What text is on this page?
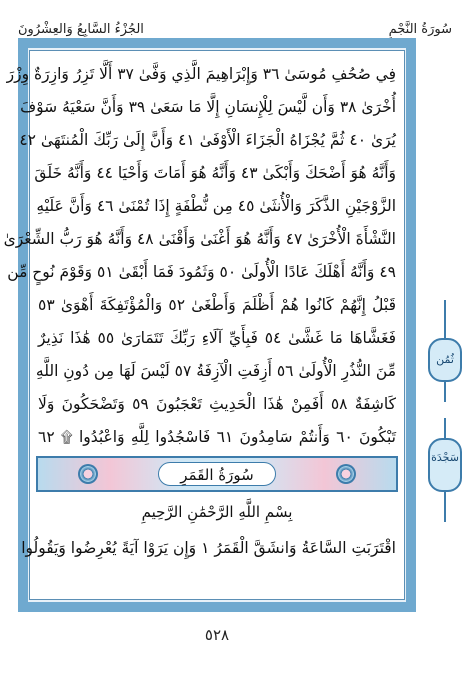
سُورَةُ النَّجْمِ
الجُزْءُ السَّابِعُ وَالعِشْرُونَ
فِي صُحُفِ مُوسَىٰ ٣٦ وَإِبْرَاهِيمَ الَّذِي وَفَّىٰ ٣٧ أَلَّا تَزِرُ وَازِرَةٌ وِزْرَ
أُخْرَىٰ ٣٨ وَأَن لَّيْسَ لِلْإِنسَانِ إِلَّا مَا سَعَىٰ ٣٩ وَأَنَّ سَعْيَهُ سَوْفَ
يُرَىٰ ٤٠ ثُمَّ يُجْزَاهُ الْجَزَاءَ الْأَوْفَىٰ ٤١ وَأَنَّ إِلَىٰ رَبِّكَ الْمُنتَهَىٰ ٤٢
وَأَنَّهُ هُوَ أَضْحَكَ وَأَبْكَىٰ ٤٣ وَأَنَّهُ هُوَ أَمَاتَ وَأَحْيَا ٤٤ وَأَنَّهُ خَلَقَ
الزَّوْجَيْنِ الذَّكَرَ وَالْأُنثَىٰ ٤٥ مِن نُّطْفَةٍ إِذَا تُمْنَىٰ ٤٦ وَأَنَّ عَلَيْهِ
النَّشْأَةَ الْأُخْرَىٰ ٤٧ وَأَنَّهُ هُوَ أَغْنَىٰ وَأَقْنَىٰ ٤٨ وَأَنَّهُ هُوَ رَبُّ الشِّعْرَىٰ
٤٩ وَأَنَّهُ أَهْلَكَ عَادًا الْأُولَىٰ ٥٠ وَثَمُودَ فَمَا أَبْقَىٰ ٥١ وَقَوْمَ نُوحٍ مِّن
قَبْلُ إِنَّهُمْ كَانُوا هُمْ أَظْلَمَ وَأَطْغَىٰ ٥٢ وَالْمُؤْتَفِكَةَ أَهْوَىٰ ٥٣
فَغَشَّاهَا مَا غَشَّىٰ ٥٤ فَبِأَيِّ آلَاءِ رَبِّكَ تَتَمَارَىٰ ٥٥ هَٰذَا نَذِيرٌ
مِّنَ النُّذُرِ الْأُولَىٰ ٥٦ أَزِفَتِ الْآزِفَةُ ٥٧ لَيْسَ لَهَا مِن دُونِ اللَّهِ
كَاشِفَةٌ ٥٨ أَفَمِنْ هَٰذَا الْحَدِيثِ تَعْجَبُونَ ٥٩ وَتَضْحَكُونَ وَلَا
تَبْكُونَ ٦٠ وَأَنتُمْ سَامِدُونَ ٦١ فَاسْجُدُوا لِلَّهِ وَاعْبُدُوا ۩ ٦٢
سُورَةُ القَمَرِ
بِسْمِ اللَّهِ الرَّحْمَٰنِ الرَّحِيمِ
اقْتَرَبَتِ السَّاعَةُ وَانشَقَّ الْقَمَرُ ١ وَإِن يَرَوْا آيَةً يُعْرِضُوا وَيَقُولُوا
ثُمُن
سَجْدَة
٥٢٨
